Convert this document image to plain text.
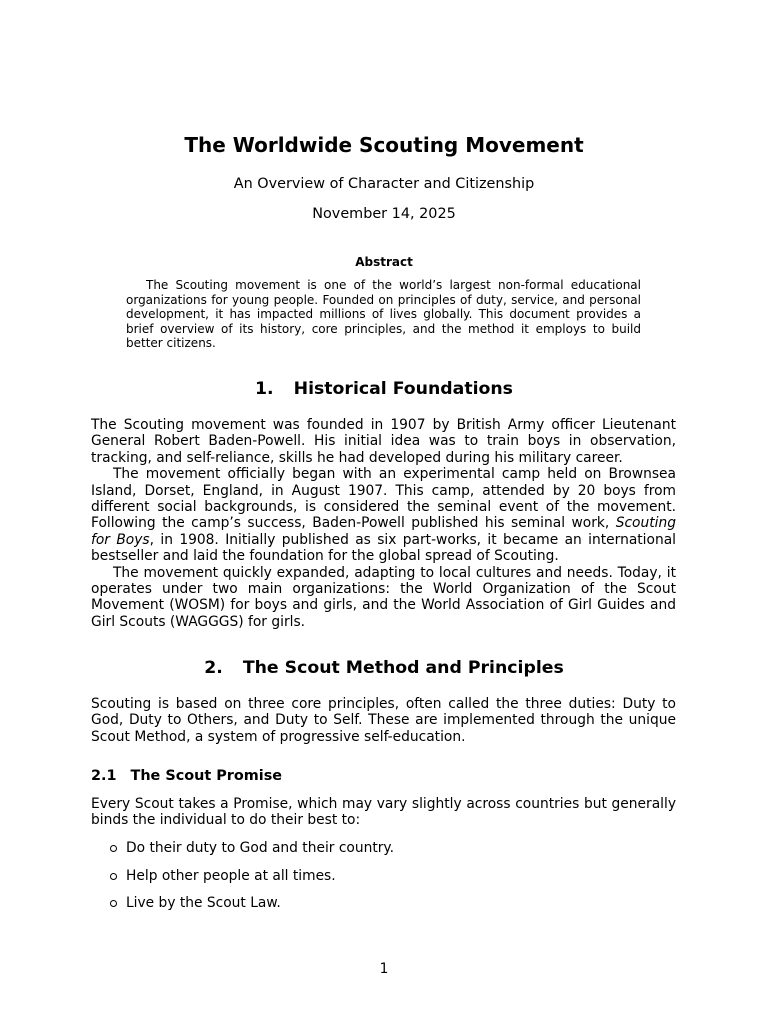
The Worldwide Scouting Movement
An Overview of Character and Citizenship
November 14, 2025
Abstract

The Scouting movement is one of the world’s largest non-formal educational organizations for young people. Founded on principles of duty, service, and personal development, it has impacted millions of lives globally. This document provides a brief overview of its history, core principles, and the method it employs to build better citizens.

1. Historical Foundations

The Scouting movement was founded in 1907 by British Army officer Lieutenant General Robert Baden-Powell. His initial idea was to train boys in observation, tracking, and self-reliance, skills he had developed during his military career.

The movement officially began with an experimental camp held on Brownsea Island, Dorset, England, in August 1907. This camp, attended by 20 boys from different social backgrounds, is considered the seminal event of the movement. Following the camp’s success, Baden-Powell published his seminal work, Scouting for Boys, in 1908. Initially published as six part-works, it became an international bestseller and laid the foundation for the global spread of Scouting.

The movement quickly expanded, adapting to local cultures and needs. Today, it operates under two main organizations: the World Organization of the Scout Movement (WOSM) for boys and girls, and the World Association of Girl Guides and Girl Scouts (WAGGGS) for girls.

2. The Scout Method and Principles

Scouting is based on three core principles, often called the three duties: Duty to God, Duty to Others, and Duty to Self. These are implemented through the unique Scout Method, a system of progressive self-education.

2.1 The Scout Promise

Every Scout takes a Promise, which may vary slightly across countries but generally binds the individual to do their best to:

Do their duty to God and their country.
Help other people at all times.
Live by the Scout Law.
1
